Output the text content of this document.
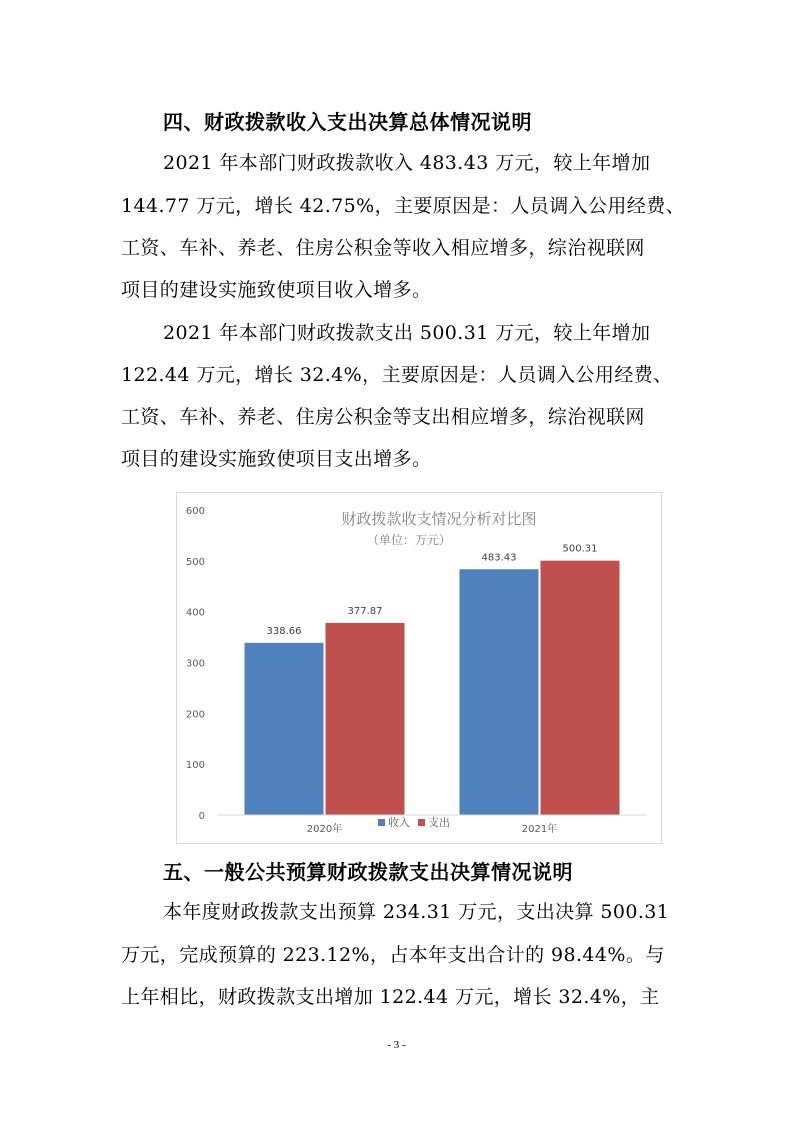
四、财政拨款收入支出决算总体情况说明

2021 年本部门财政拨款收入 483.43 万元，较上年增加

144.77 万元，增长 42.75%，主要原因是：人员调入公用经费、

工资、车补、养老、住房公积金等收入相应增多，综治视联网

项目的建设实施致使项目收入增多。

2021 年本部门财政拨款支出 500.31 万元，较上年增加

122.44 万元，增长 32.4%，主要原因是：人员调入公用经费、

工资、车补、养老、住房公积金等支出相应增多，综治视联网

项目的建设实施致使项目支出增多。

财政拨款收支情况分析对比图
（单位：万元）
0
100
200
300
400
500
600
338.66
377.87
483.43
500.31
2020年	2021年
收入 支出
五、一般公共预算财政拨款支出决算情况说明

本年度财政拨款支出预算 234.31 万元，支出决算 500.31

万元，完成预算的 223.12%，占本年支出合计的 98.44%。与

上年相比，财政拨款支出增加 122.44 万元，增长 32.4%，主

- 3 -
